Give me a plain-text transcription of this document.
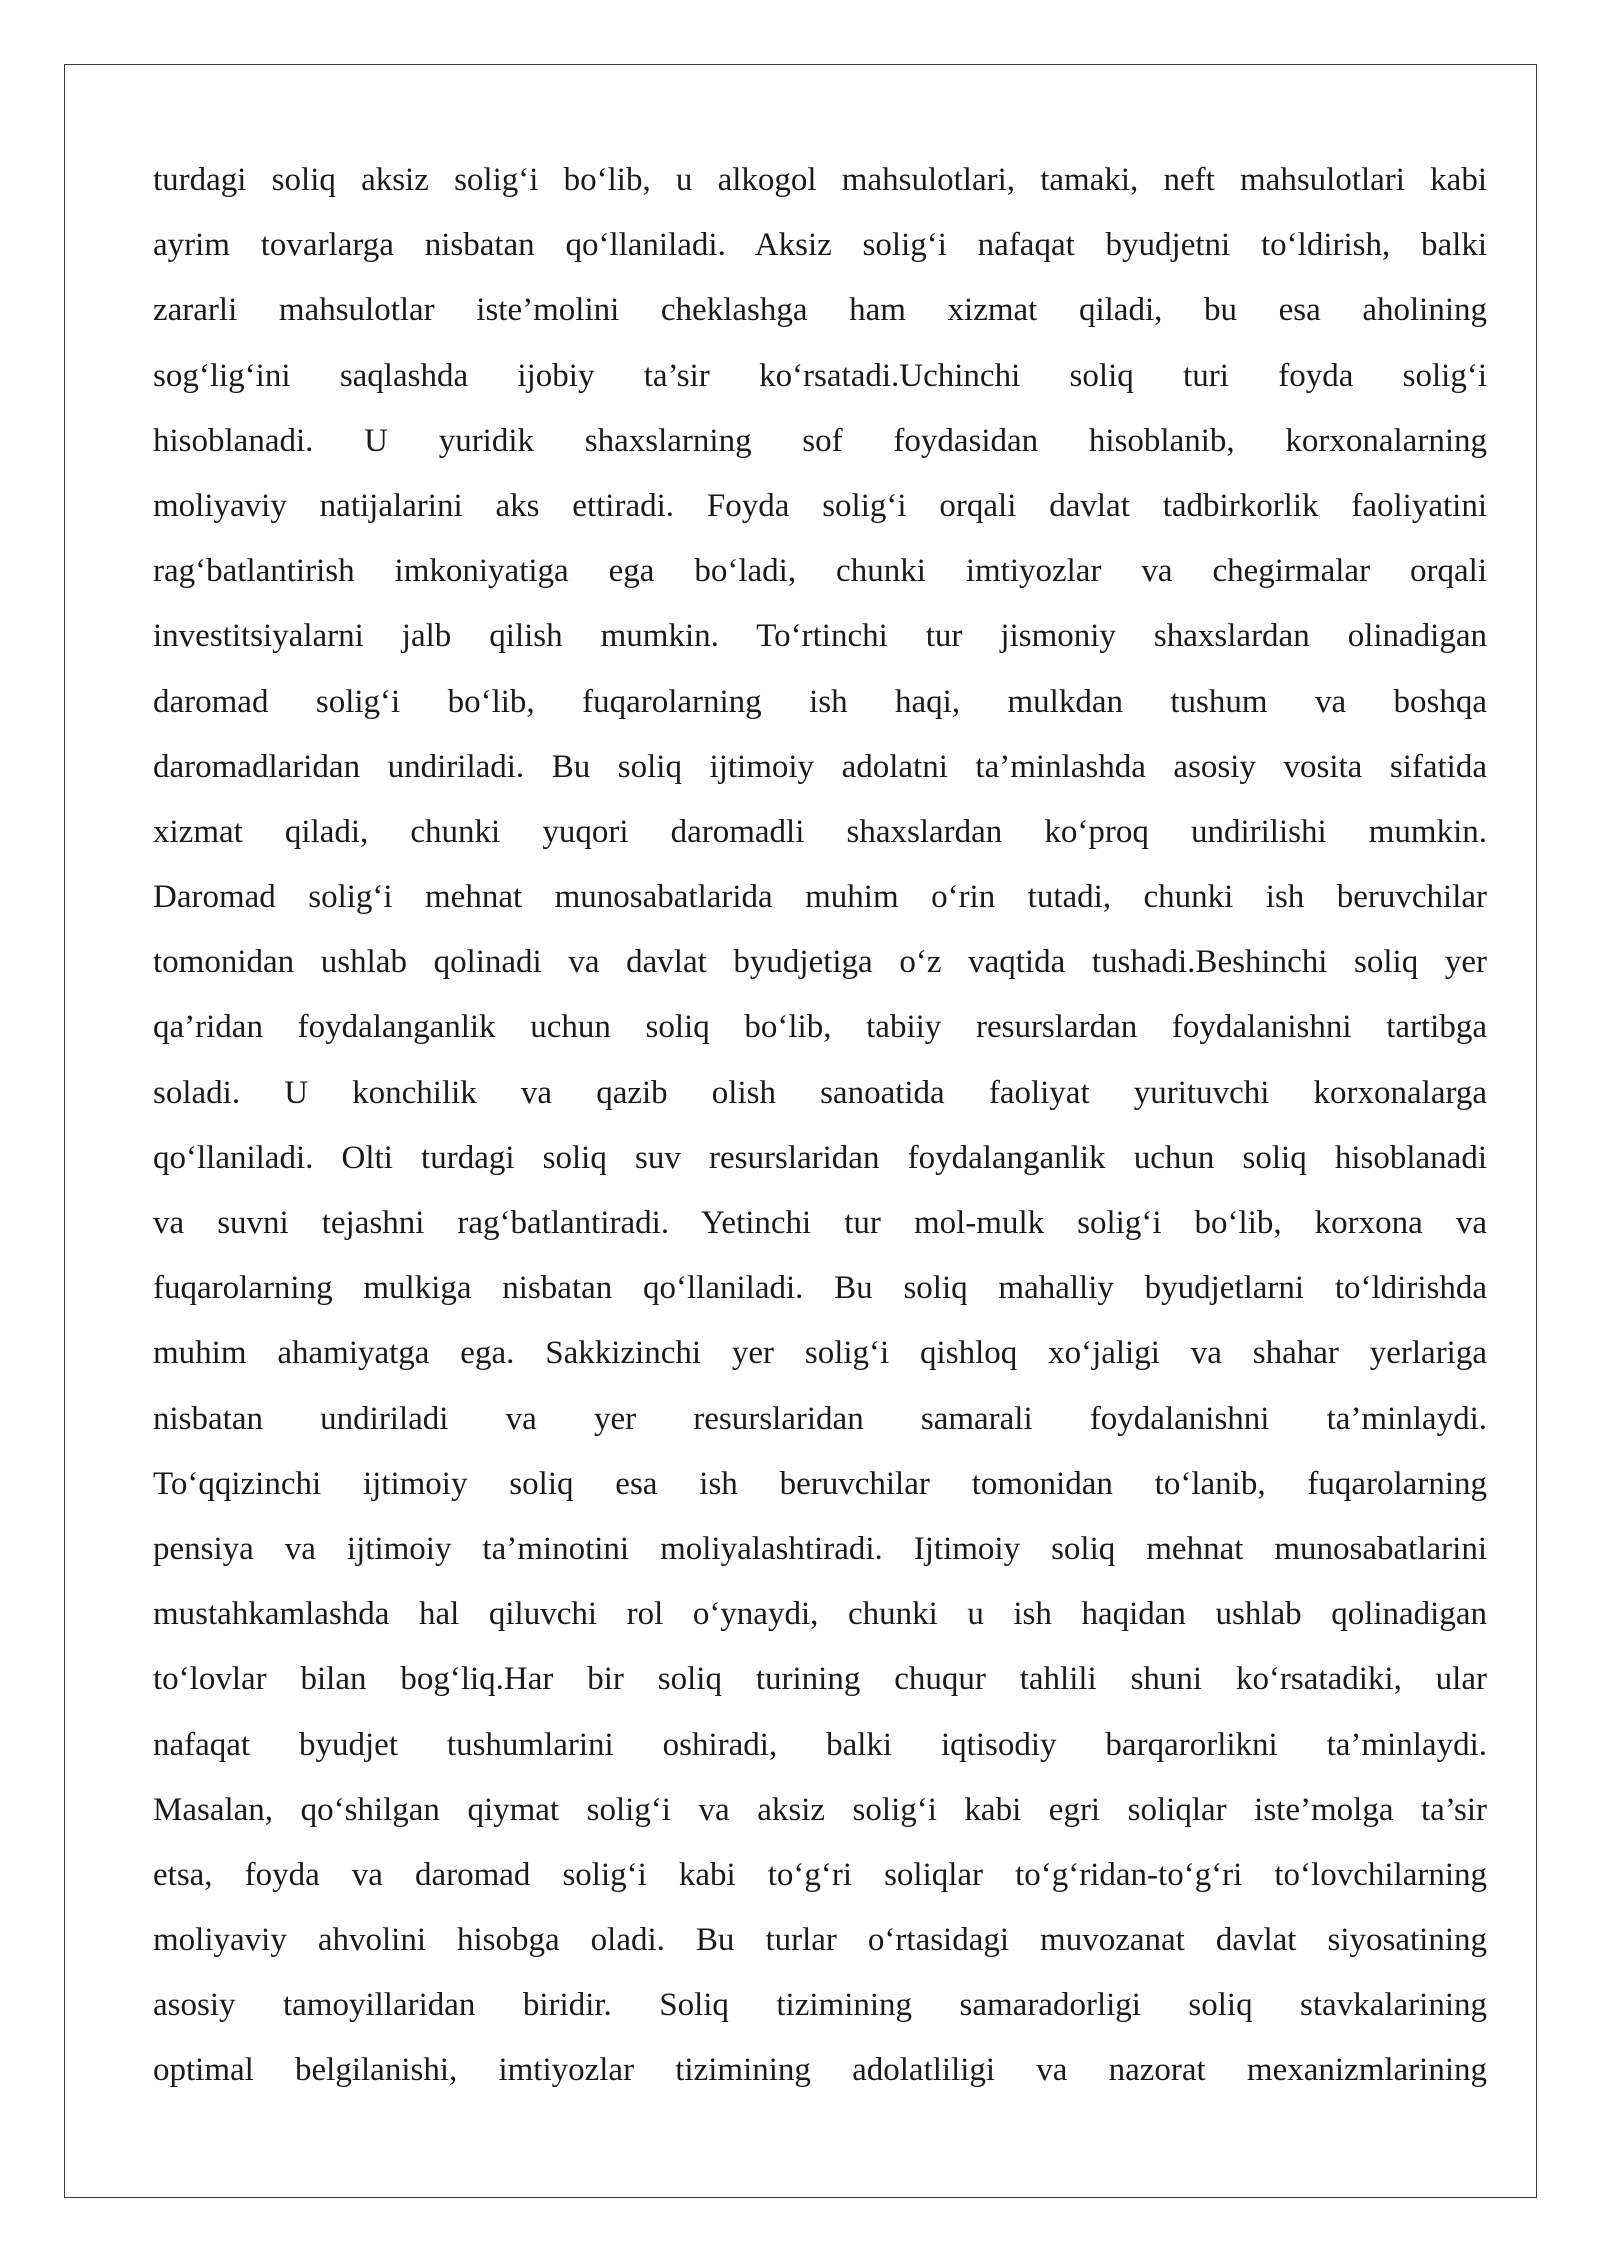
turdagi soliq aksiz solig‘i bo‘lib, u alkogol mahsulotlari, tamaki, neft mahsulotlari kabi
ayrim tovarlarga nisbatan qo‘llaniladi. Aksiz solig‘i nafaqat byudjetni to‘ldirish, balki
zararli mahsulotlar iste’molini cheklashga ham xizmat qiladi, bu esa aholining
sog‘lig‘ini saqlashda ijobiy ta’sir ko‘rsatadi.Uchinchi soliq turi foyda solig‘i
hisoblanadi. U yuridik shaxslarning sof foydasidan hisoblanib, korxonalarning
moliyaviy natijalarini aks ettiradi. Foyda solig‘i orqali davlat tadbirkorlik faoliyatini
rag‘batlantirish imkoniyatiga ega bo‘ladi, chunki imtiyozlar va chegirmalar orqali
investitsiyalarni jalb qilish mumkin. To‘rtinchi tur jismoniy shaxslardan olinadigan
daromad solig‘i bo‘lib, fuqarolarning ish haqi, mulkdan tushum va boshqa
daromadlaridan undiriladi. Bu soliq ijtimoiy adolatni ta’minlashda asosiy vosita sifatida
xizmat qiladi, chunki yuqori daromadli shaxslardan ko‘proq undirilishi mumkin.
Daromad solig‘i mehnat munosabatlarida muhim o‘rin tutadi, chunki ish beruvchilar
tomonidan ushlab qolinadi va davlat byudjetiga o‘z vaqtida tushadi.Beshinchi soliq yer
qa’ridan foydalanganlik uchun soliq bo‘lib, tabiiy resurslardan foydalanishni tartibga
soladi. U konchilik va qazib olish sanoatida faoliyat yurituvchi korxonalarga
qo‘llaniladi. Olti turdagi soliq suv resurslaridan foydalanganlik uchun soliq hisoblanadi
va suvni tejashni rag‘batlantiradi. Yetinchi tur mol-mulk solig‘i bo‘lib, korxona va
fuqarolarning mulkiga nisbatan qo‘llaniladi. Bu soliq mahalliy byudjetlarni to‘ldirishda
muhim ahamiyatga ega. Sakkizinchi yer solig‘i qishloq xo‘jaligi va shahar yerlariga
nisbatan undiriladi va yer resurslaridan samarali foydalanishni ta’minlaydi.
To‘qqizinchi ijtimoiy soliq esa ish beruvchilar tomonidan to‘lanib, fuqarolarning
pensiya va ijtimoiy ta’minotini moliyalashtiradi. Ijtimoiy soliq mehnat munosabatlarini
mustahkamlashda hal qiluvchi rol o‘ynaydi, chunki u ish haqidan ushlab qolinadigan
to‘lovlar bilan bog‘liq.Har bir soliq turining chuqur tahlili shuni ko‘rsatadiki, ular
nafaqat byudjet tushumlarini oshiradi, balki iqtisodiy barqarorlikni ta’minlaydi.
Masalan, qo‘shilgan qiymat solig‘i va aksiz solig‘i kabi egri soliqlar iste’molga ta’sir
etsa, foyda va daromad solig‘i kabi to‘g‘ri soliqlar to‘g‘ridan-to‘g‘ri to‘lovchilarning
moliyaviy ahvolini hisobga oladi. Bu turlar o‘rtasidagi muvozanat davlat siyosatining
asosiy tamoyillaridan biridir. Soliq tizimining samaradorligi soliq stavkalarining
optimal belgilanishi, imtiyozlar tizimining adolatliligi va nazorat mexanizmlarining
